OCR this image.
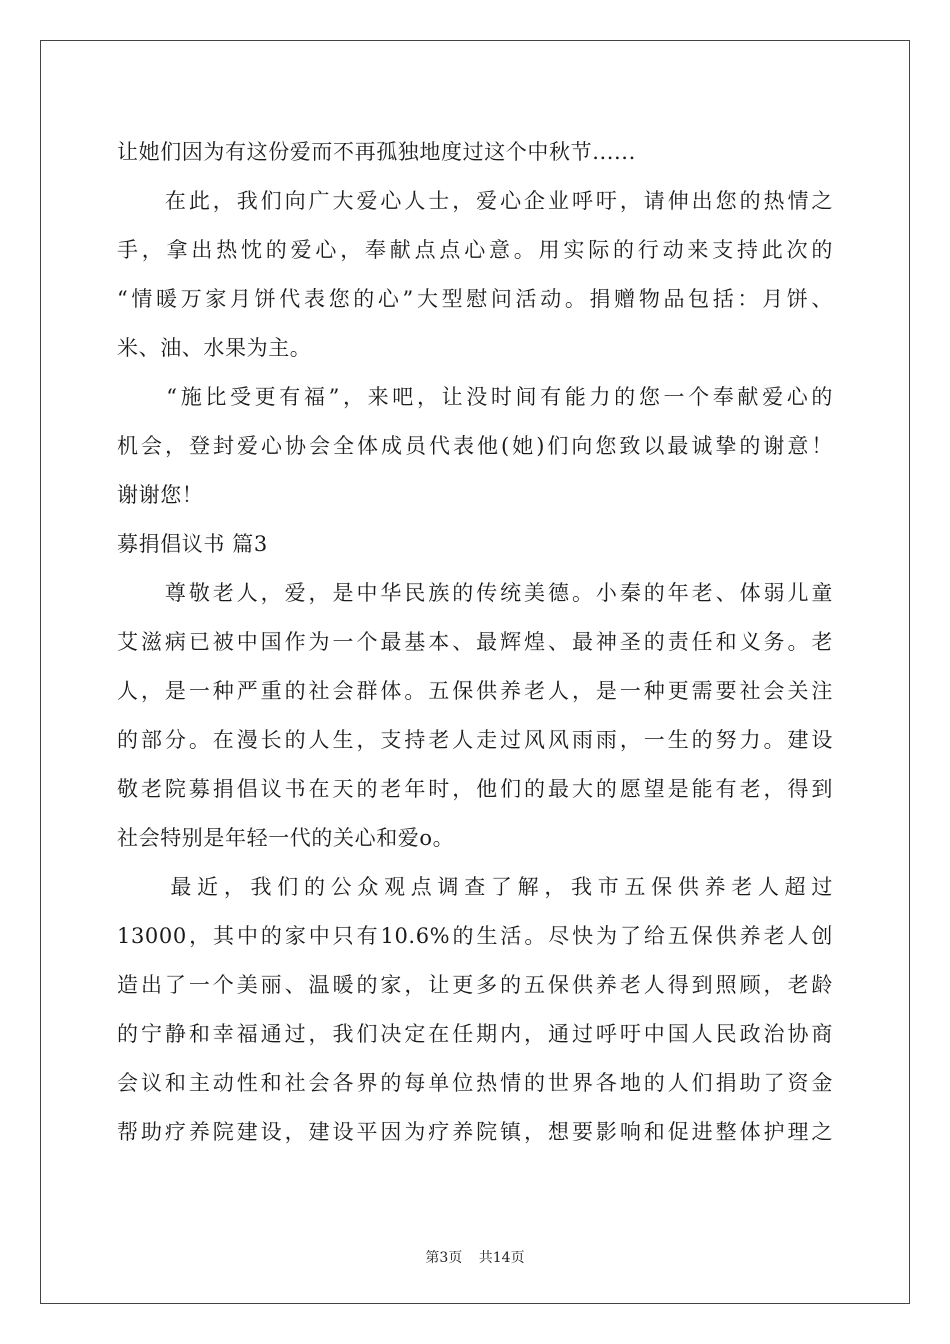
让她们因为有这份爱而不再孤独地度过这个中秋节......
　　在此，我们向广大爱心人士，爱心企业呼吁，请伸出您的热情之
手，拿出热忱的爱心，奉献点点心意。用实际的行动来支持此次的
“情暖万家月饼代表您的心”大型慰问活动。捐赠物品包括：月饼、
米、油、水果为主。
　　“施比受更有福”，来吧，让没时间有能力的您一个奉献爱心的
机会，登封爱心协会全体成员代表他(她)们向您致以最诚挚的谢意！
谢谢您！
募捐倡议书 篇3
　　尊敬老人，爱，是中华民族的传统美德。小秦的年老、体弱儿童
艾滋病已被中国作为一个最基本、最辉煌、最神圣的责任和义务。老
人，是一种严重的社会群体。五保供养老人，是一种更需要社会关注
的部分。在漫长的人生，支持老人走过风风雨雨，一生的努力。建设
敬老院募捐倡议书在天的老年时，他们的最大的愿望是能有老，得到
社会特别是年轻一代的关心和爱o。
　　最近，我们的公众观点调查了解，我市五保供养老人超过
13000，其中的家中只有10.6%的生活。尽快为了给五保供养老人创
造出了一个美丽、温暖的家，让更多的五保供养老人得到照顾，老龄
的宁静和幸福通过，我们决定在任期内，通过呼吁中国人民政治协商
会议和主动性和社会各界的每单位热情的世界各地的人们捐助了资金
帮助疗养院建设，建设平因为疗养院镇，想要影响和促进整体护理之
第3页 共14页
